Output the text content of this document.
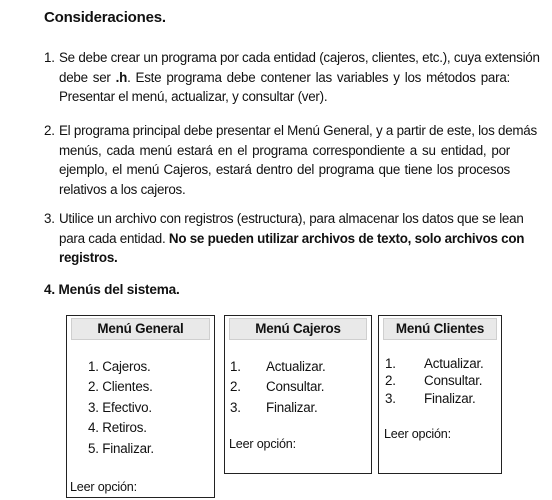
Consideraciones.
1. Se debe crear un programa por cada entidad (cajeros, clientes, etc.), cuya extensión
debe ser .h. Este programa debe contener las variables y los métodos para:
Presentar el menú, actualizar, y consultar (ver).
2. El programa principal debe presentar el Menú General, y a partir de este, los demás
menús, cada menú estará en el programa correspondiente a su entidad, por
ejemplo, el menú Cajeros, estará dentro del programa que tiene los procesos
relativos a los cajeros.
3. Utilice un archivo con registros (estructura), para almacenar los datos que se lean
para cada entidad. No se pueden utilizar archivos de texto, solo archivos con
registros.
4. Menús del sistema.
Menú General
1. Cajeros.
2. Clientes.
3. Efectivo.
4. Retiros.
5. Finalizar.
Leer opción:
Menú Cajeros
1. Actualizar.
2. Consultar.
3. Finalizar.
Leer opción:
Menú Clientes
1. Actualizar.
2. Consultar.
3. Finalizar.
Leer opción:
